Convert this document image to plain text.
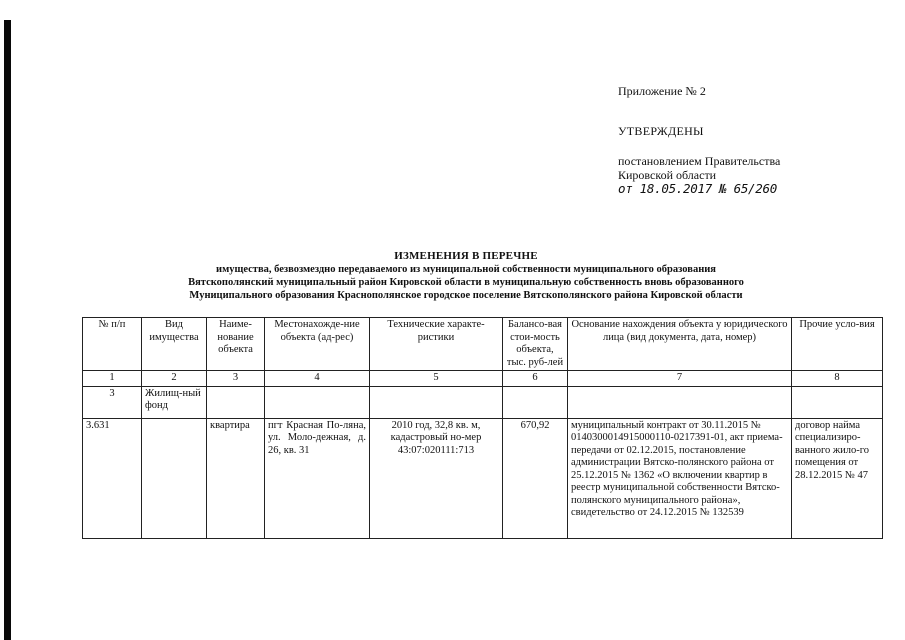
Приложение № 2

УТВЕРЖДЕНЫ

постановлением Правительства

Кировской области

от 18.05.2017 № 65/260

ИЗМЕНЕНИЯ В ПЕРЕЧНЕ
имущества, безвозмездно передаваемого из муниципальной собственности муниципального образования
Вятскополянский муниципальный район Кировской области в муниципальную собственность вновь образованного
Муниципального образования Краснополянское городское поселение Вятскополянского района Кировской области
№ п/п	Вид имущества	Наиме-нование объекта	Местонахожде-ние объекта (ад-рес)	Технические характе-ристики	Балансо-вая стои-мость объекта, тыс. руб-лей	Основание нахождения объекта у юридического лица (вид документа, дата, номер)	Прочие усло-вия
1	2	3	4	5	6	7	8
3	Жилищ-ный фонд						
3.631		квартира	пгт Красная По-ляна, ул. Моло-дежная, д. 26, кв. 31	2010 год, 32,8 кв. м, кадастровый но-мер 43:07:020111:713	670,92	муниципальный контракт от 30.11.2015 № 0140300014915000110-0217391-01, акт приема-передачи от 02.12.2015, постановление администрации Вятско-полянского района от 25.12.2015 № 1362 «О включении квартир в реестр муниципальной собственности Вятско-полянского муниципального района», свидетельство от 24.12.2015 № 132539	договор найма специализиро-ванного жило-го помещения от 28.12.2015 № 47
